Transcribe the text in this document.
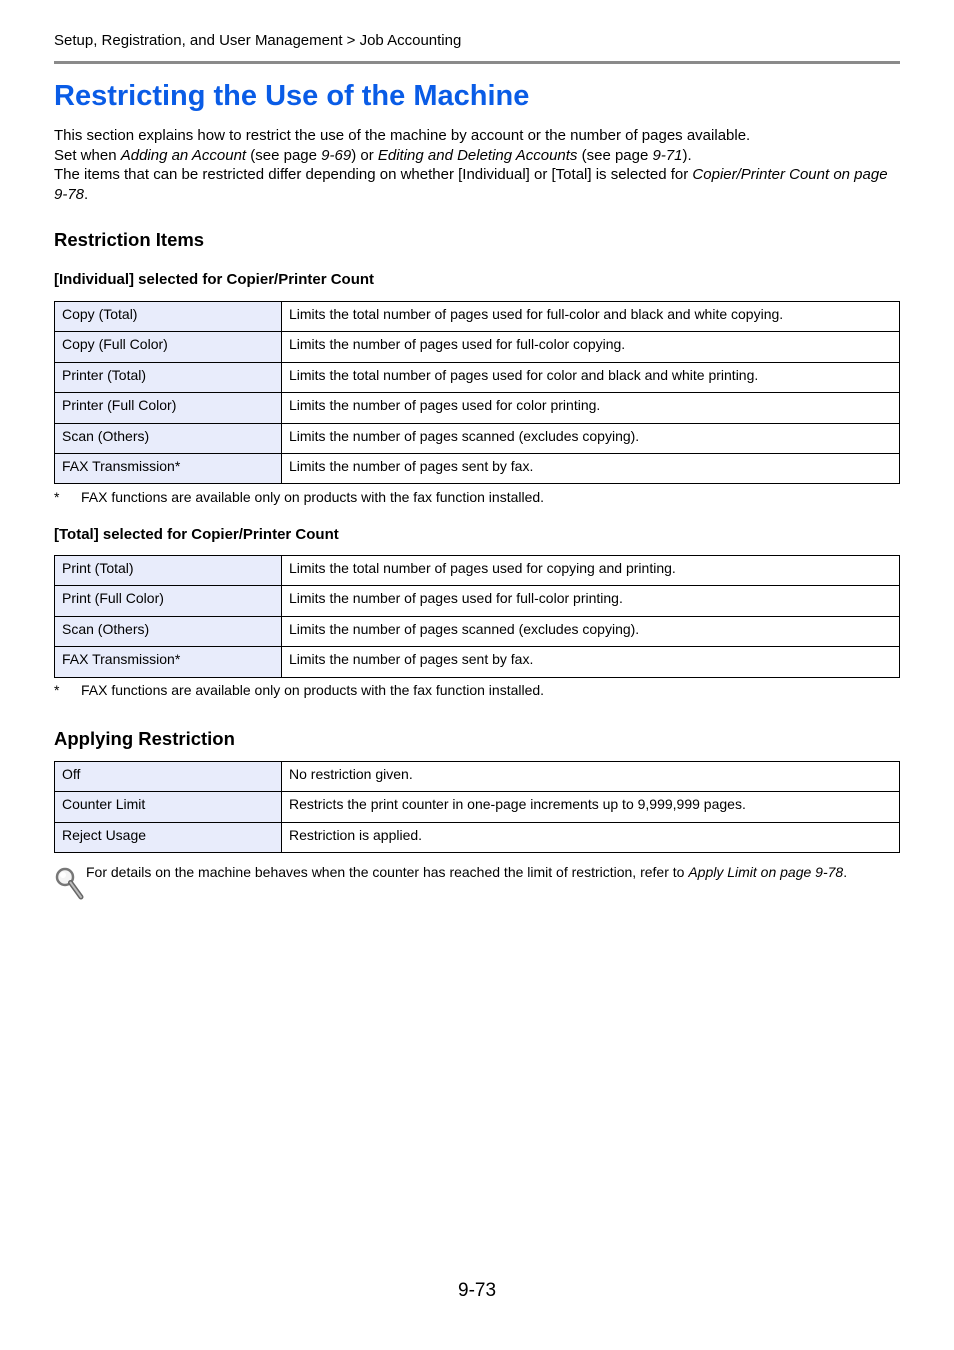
Setup, Registration, and User Management > Job Accounting
Restricting the Use of the Machine

This section explains how to restrict the use of the machine by account or the number of pages available.

Set when Adding an Account (see page 9-69) or Editing and Deleting Accounts (see page 9-71).

The items that can be restricted differ depending on whether [Individual] or [Total] is selected for Copier/Printer Count on page 9-78.

Restriction Items
[Individual] selected for Copier/Printer Count
Copy (Total)	Limits the total number of pages used for full-color and black and white copying.
Copy (Full Color)	Limits the number of pages used for full-color copying.
Printer (Total)	Limits the total number of pages used for color and black and white printing.
Printer (Full Color)	Limits the number of pages used for color printing.
Scan (Others)	Limits the number of pages scanned (excludes copying).
FAX Transmission*	Limits the number of pages sent by fax.
* FAX functions are available only on products with the fax function installed.
[Total] selected for Copier/Printer Count
Print (Total)	Limits the total number of pages used for copying and printing.
Print (Full Color)	Limits the number of pages used for full-color printing.
Scan (Others)	Limits the number of pages scanned (excludes copying).
FAX Transmission*	Limits the number of pages sent by fax.
* FAX functions are available only on products with the fax function installed.
Applying Restriction
Off	No restriction given.
Counter Limit	Restricts the print counter in one-page increments up to 9,999,999 pages.
Reject Usage	Restriction is applied.
For details on the machine behaves when the counter has reached the limit of restriction, refer to Apply Limit on page 9-78.
9-73
